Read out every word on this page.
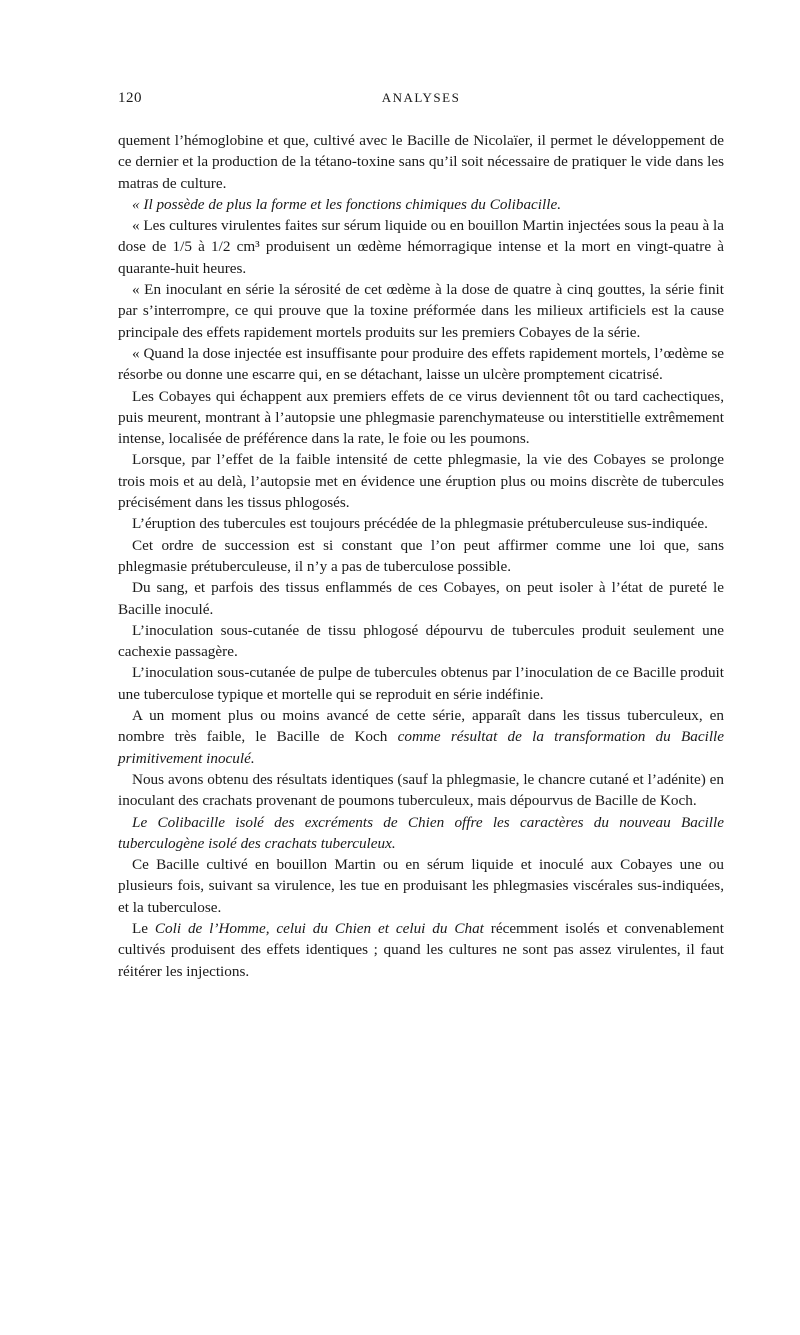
120	ANALYSES

quement l’hémoglobine et que, cultivé avec le Bacille de Nicolaïer, il permet le développement de ce dernier et la production de la tétano-toxine sans qu’il soit nécessaire de pratiquer le vide dans les matras de culture.

« Il possède de plus la forme et les fonctions chimiques du Colibacille.

« Les cultures virulentes faites sur sérum liquide ou en bouillon Martin injectées sous la peau à la dose de 1/5 à 1/2 cm³ produisent un œdème hémorragique intense et la mort en vingt-quatre à quarante-huit heures.

« En inoculant en série la sérosité de cet œdème à la dose de quatre à cinq gouttes, la série finit par s’interrompre, ce qui prouve que la toxine préformée dans les milieux artificiels est la cause principale des effets rapidement mortels produits sur les premiers Cobayes de la série.

« Quand la dose injectée est insuffisante pour produire des effets rapidement mortels, l’œdème se résorbe ou donne une escarre qui, en se détachant, laisse un ulcère promptement cicatrisé.

Les Cobayes qui échappent aux premiers effets de ce virus deviennent tôt ou tard cachectiques, puis meurent, montrant à l’autopsie une phlegmasie parenchymateuse ou interstitielle extrêmement intense, localisée de préférence dans la rate, le foie ou les poumons.

Lorsque, par l’effet de la faible intensité de cette phlegmasie, la vie des Cobayes se prolonge trois mois et au delà, l’autopsie met en évidence une éruption plus ou moins discrète de tubercules précisément dans les tissus phlogosés.

L’éruption des tubercules est toujours précédée de la phlegmasie prétuberculeuse sus-indiquée.

Cet ordre de succession est si constant que l’on peut affirmer comme une loi que, sans phlegmasie prétuberculeuse, il n’y a pas de tuberculose possible.

Du sang, et parfois des tissus enflammés de ces Cobayes, on peut isoler à l’état de pureté le Bacille inoculé.

L’inoculation sous-cutanée de tissu phlogosé dépourvu de tubercules produit seulement une cachexie passagère.

L’inoculation sous-cutanée de pulpe de tubercules obtenus par l’inoculation de ce Bacille produit une tuberculose typique et mortelle qui se reproduit en série indéfinie.

A un moment plus ou moins avancé de cette série, apparaît dans les tissus tuberculeux, en nombre très faible, le Bacille de Koch comme résultat de la transformation du Bacille primitivement inoculé.

Nous avons obtenu des résultats identiques (sauf la phlegmasie, le chancre cutané et l’adénite) en inoculant des crachats provenant de poumons tuberculeux, mais dépourvus de Bacille de Koch.

Le Colibacille isolé des excréments de Chien offre les caractères du nouveau Bacille tuberculogène isolé des crachats tuberculeux.

Ce Bacille cultivé en bouillon Martin ou en sérum liquide et inoculé aux Cobayes une ou plusieurs fois, suivant sa virulence, les tue en produisant les phlegmasies viscérales sus-indiquées, et la tuberculose.

Le Coli de l’Homme, celui du Chien et celui du Chat récemment isolés et convenablement cultivés produisent des effets identiques ; quand les cultures ne sont pas assez virulentes, il faut réitérer les injections.
